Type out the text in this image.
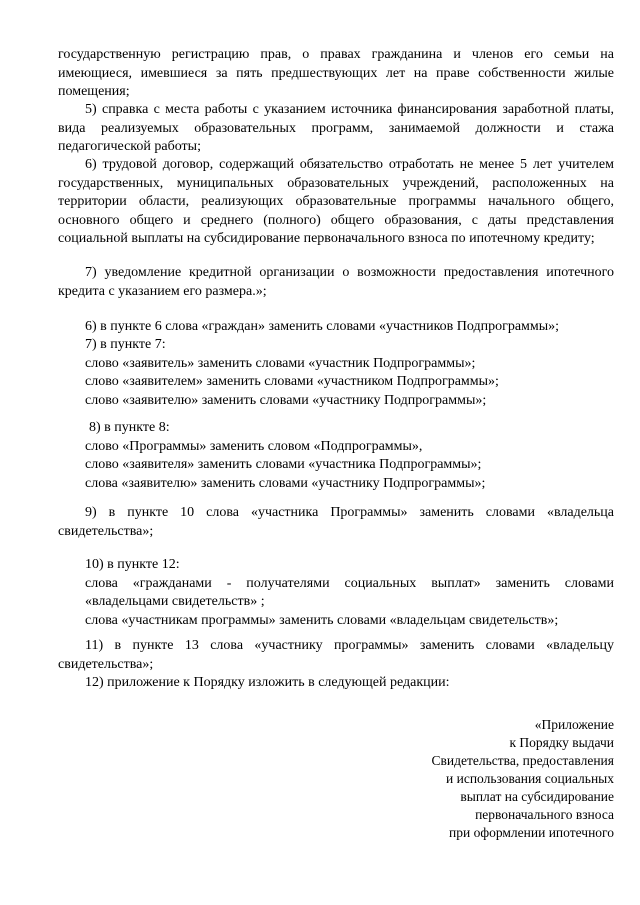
государственную регистрацию прав, о правах гражданина и членов его семьи на имеющиеся, имевшиеся за пять предшествующих лет на праве собственности жилые помещения;

5) справка с места работы с указанием источника финансирования заработной платы, вида реализуемых образовательных программ, занимаемой должности и стажа педагогической работы;

6) трудовой договор, содержащий обязательство отработать не менее 5 лет учителем государственных, муниципальных образовательных учреждений, расположенных на территории области, реализующих образовательные программы начального общего, основного общего и среднего (полного) общего образования, с даты представления социальной выплаты на субсидирование первоначального взноса по ипотечному кредиту;

7) уведомление кредитной организации о возможности предоставления ипотечного кредита с указанием его размера.»;

6) в пункте 6 слова «граждан» заменить словами «участников Подпрограммы»;

7) в пункте 7:

слово «заявитель» заменить словами «участник Подпрограммы»;

слово «заявителем» заменить словами «участником Подпрограммы»;

слово «заявителю» заменить словами «участнику Подпрограммы»;

8) в пункте 8:

слово «Программы» заменить словом «Подпрограммы»,

слово «заявителя» заменить словами «участника Подпрограммы»;

слова «заявителю» заменить словами «участнику Подпрограммы»;

9) в пункте 10 слова «участника Программы» заменить словами «владельца свидетельства»;

10) в пункте 12:

слова «гражданами - получателями социальных выплат» заменить словами «владельцами свидетельств» ;

слова «участникам программы» заменить словами «владельцам свидетельств»;

11) в пункте 13 слова «участнику программы» заменить словами «владельцу свидетельства»;

12) приложение к Порядку изложить в следующей редакции:

«Приложение
к Порядку выдачи
Свидетельства, предоставления
и использования социальных
выплат на субсидирование
первоначального взноса
при оформлении ипотечного
